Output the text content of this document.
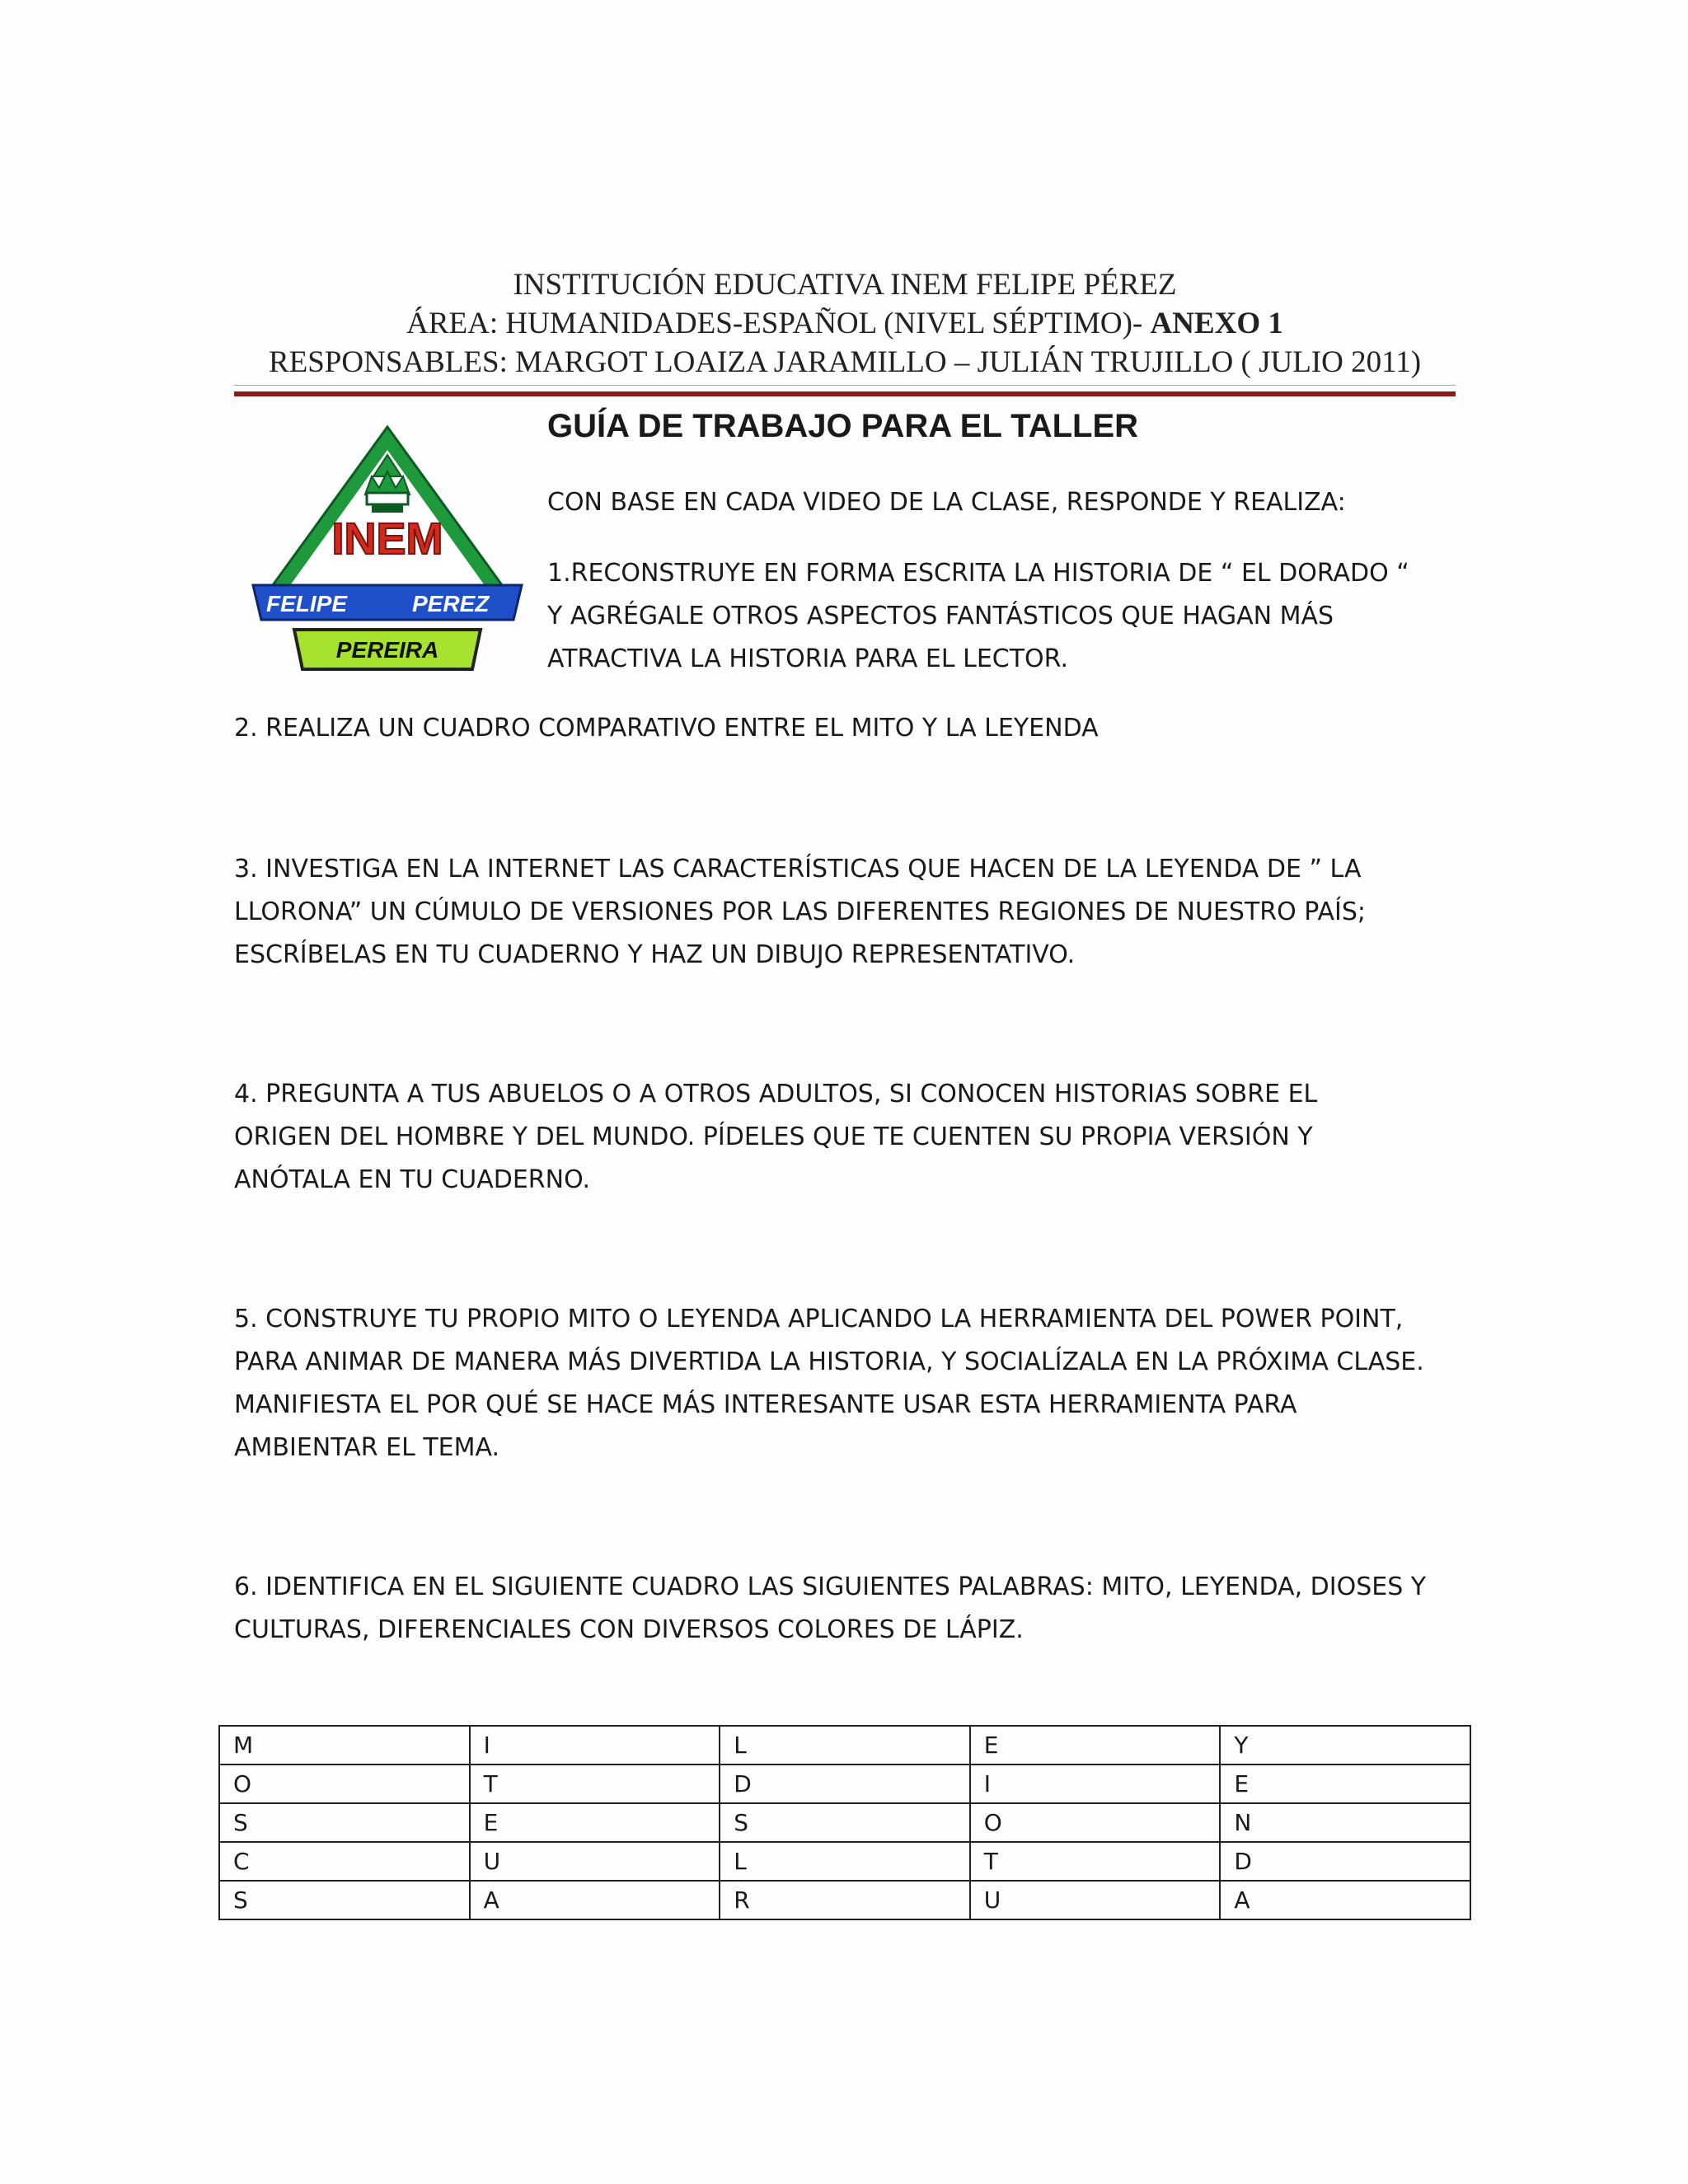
INSTITUCIÓN EDUCATIVA INEM FELIPE PÉREZ
ÁREA: HUMANIDADES-ESPAÑOL (NIVEL SÉPTIMO)- ANEXO 1
RESPONSABLES: MARGOT LOAIZA JARAMILLO – JULIÁN TRUJILLO ( JULIO 2011)
INEM
FELIPE	PEREZ
PEREIRA
GUÍA DE TRABAJO PARA EL TALLER
CON BASE EN CADA VIDEO DE LA CLASE, RESPONDE Y REALIZA:
1.RECONSTRUYE EN FORMA ESCRITA LA HISTORIA DE “ EL DORADO “
Y AGRÉGALE OTROS ASPECTOS FANTÁSTICOS QUE HAGAN MÁS
ATRACTIVA LA HISTORIA PARA EL LECTOR.
2. REALIZA UN CUADRO COMPARATIVO ENTRE EL MITO Y LA LEYENDA
3. INVESTIGA EN LA INTERNET LAS CARACTERÍSTICAS QUE HACEN DE LA LEYENDA DE ” LA
LLORONA” UN CÚMULO DE VERSIONES POR LAS DIFERENTES REGIONES DE NUESTRO PAÍS;
ESCRÍBELAS EN TU CUADERNO Y HAZ UN DIBUJO REPRESENTATIVO.
4. PREGUNTA A TUS ABUELOS O A OTROS ADULTOS, SI CONOCEN HISTORIAS SOBRE EL
ORIGEN DEL HOMBRE Y DEL MUNDO. PÍDELES QUE TE CUENTEN SU PROPIA VERSIÓN Y
ANÓTALA EN TU CUADERNO.
5. CONSTRUYE TU PROPIO MITO O LEYENDA APLICANDO LA HERRAMIENTA DEL POWER POINT,
PARA ANIMAR DE MANERA MÁS DIVERTIDA LA HISTORIA, Y SOCIALÍZALA EN LA PRÓXIMA CLASE.
MANIFIESTA EL POR QUÉ SE HACE MÁS INTERESANTE USAR ESTA HERRAMIENTA PARA
AMBIENTAR EL TEMA.
6. IDENTIFICA EN EL SIGUIENTE CUADRO LAS SIGUIENTES PALABRAS: MITO, LEYENDA, DIOSES Y
CULTURAS, DIFERENCIALES CON DIVERSOS COLORES DE LÁPIZ.
M	I	L	E	Y
O	T	D	I	E
S	E	S	O	N
C	U	L	T	D
S	A	R	U	A
